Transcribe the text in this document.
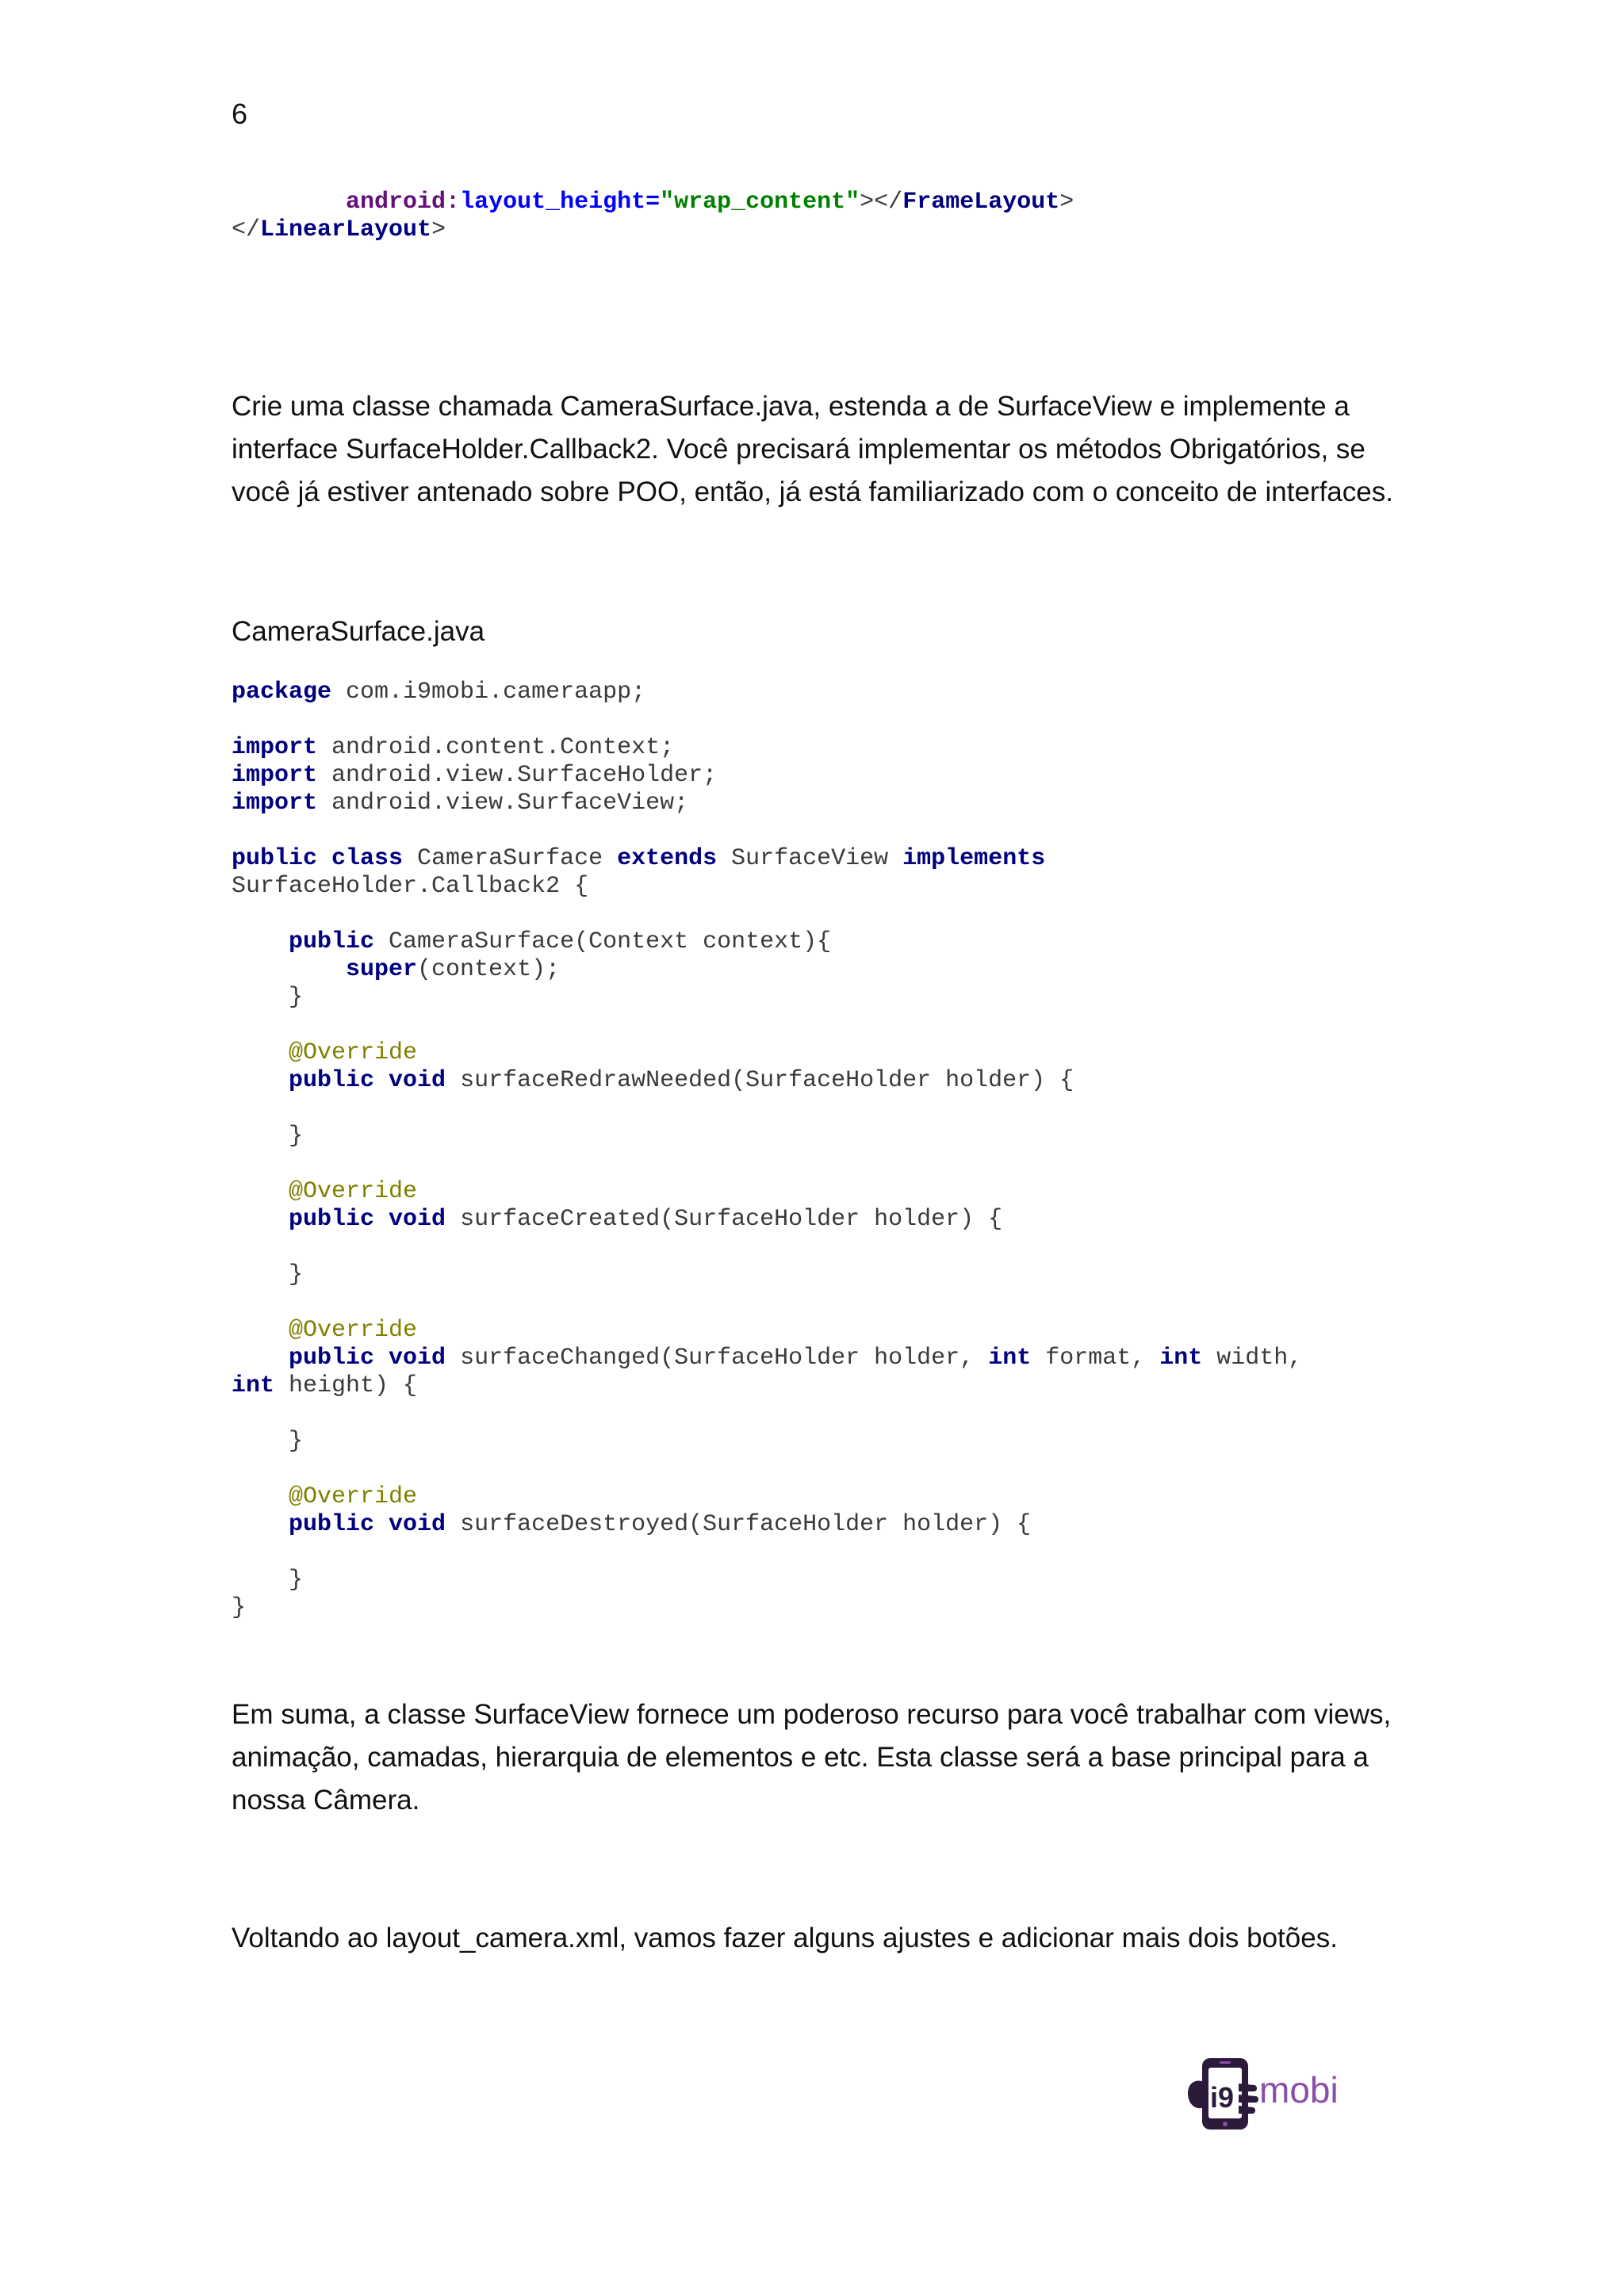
6
android:layout_height="wrap_content"></FrameLayout>
</LinearLayout>

Crie uma classe chamada CameraSurface.java, estenda a de SurfaceView e implemente a interface SurfaceHolder.Callback2. Você precisará implementar os métodos Obrigatórios, se você já estiver antenado sobre POO, então, já está familiarizado com o conceito de interfaces.

CameraSurface.java
package com.i9mobi.cameraapp;
import android.content.Context;
import android.view.SurfaceHolder;
import android.view.SurfaceView;
public class CameraSurface extends SurfaceView implements
SurfaceHolder.Callback2 {
public CameraSurface(Context context){
super(context);
}
@Override
public void surfaceRedrawNeeded(SurfaceHolder holder) {
}
@Override
public void surfaceCreated(SurfaceHolder holder) {
}
@Override
public void surfaceChanged(SurfaceHolder holder, int format, int width,
int height) {
}
@Override
public void surfaceDestroyed(SurfaceHolder holder) {
}
}

Em suma, a classe SurfaceView fornece um poderoso recurso para você trabalhar com views, animação, camadas, hierarquia de elementos e etc. Esta classe será a base principal para a nossa Câmera.

Voltando ao layout_camera.xml, vamos fazer alguns ajustes e adicionar mais dois botões.

i9 mobi
